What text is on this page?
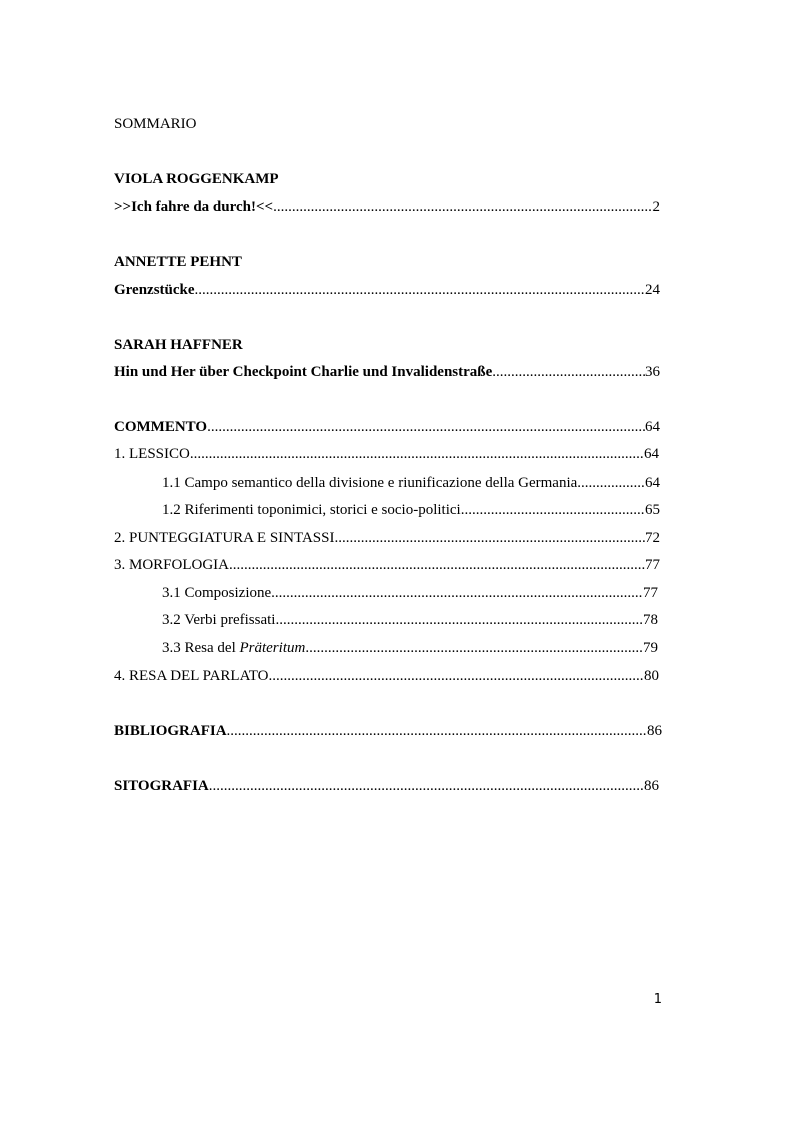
SOMMARIO
VIOLA ROGGENKAMP
>>Ich fahre da durch!<< .....	2
ANNETTE PEHNT
Grenzstücke .....	24
SARAH HAFFNER
Hin und Her über Checkpoint Charlie und Invalidenstraße .....	36
COMMENTO .....	64
1. LESSICO .....	64
1.1 Campo semantico della divisione e riunificazione della Germania .....	64
1.2 Riferimenti toponimici, storici e socio-politici .....	65
2. PUNTEGGIATURA E SINTASSI .....	72
3. MORFOLOGIA .....	77
3.1 Composizione .....	77
3.2 Verbi prefissati .....	78
3.3 Resa del Präteritum .....	79
4. RESA DEL PARLATO .....	80
BIBLIOGRAFIA .....	86
SITOGRAFIA .....	86
1
